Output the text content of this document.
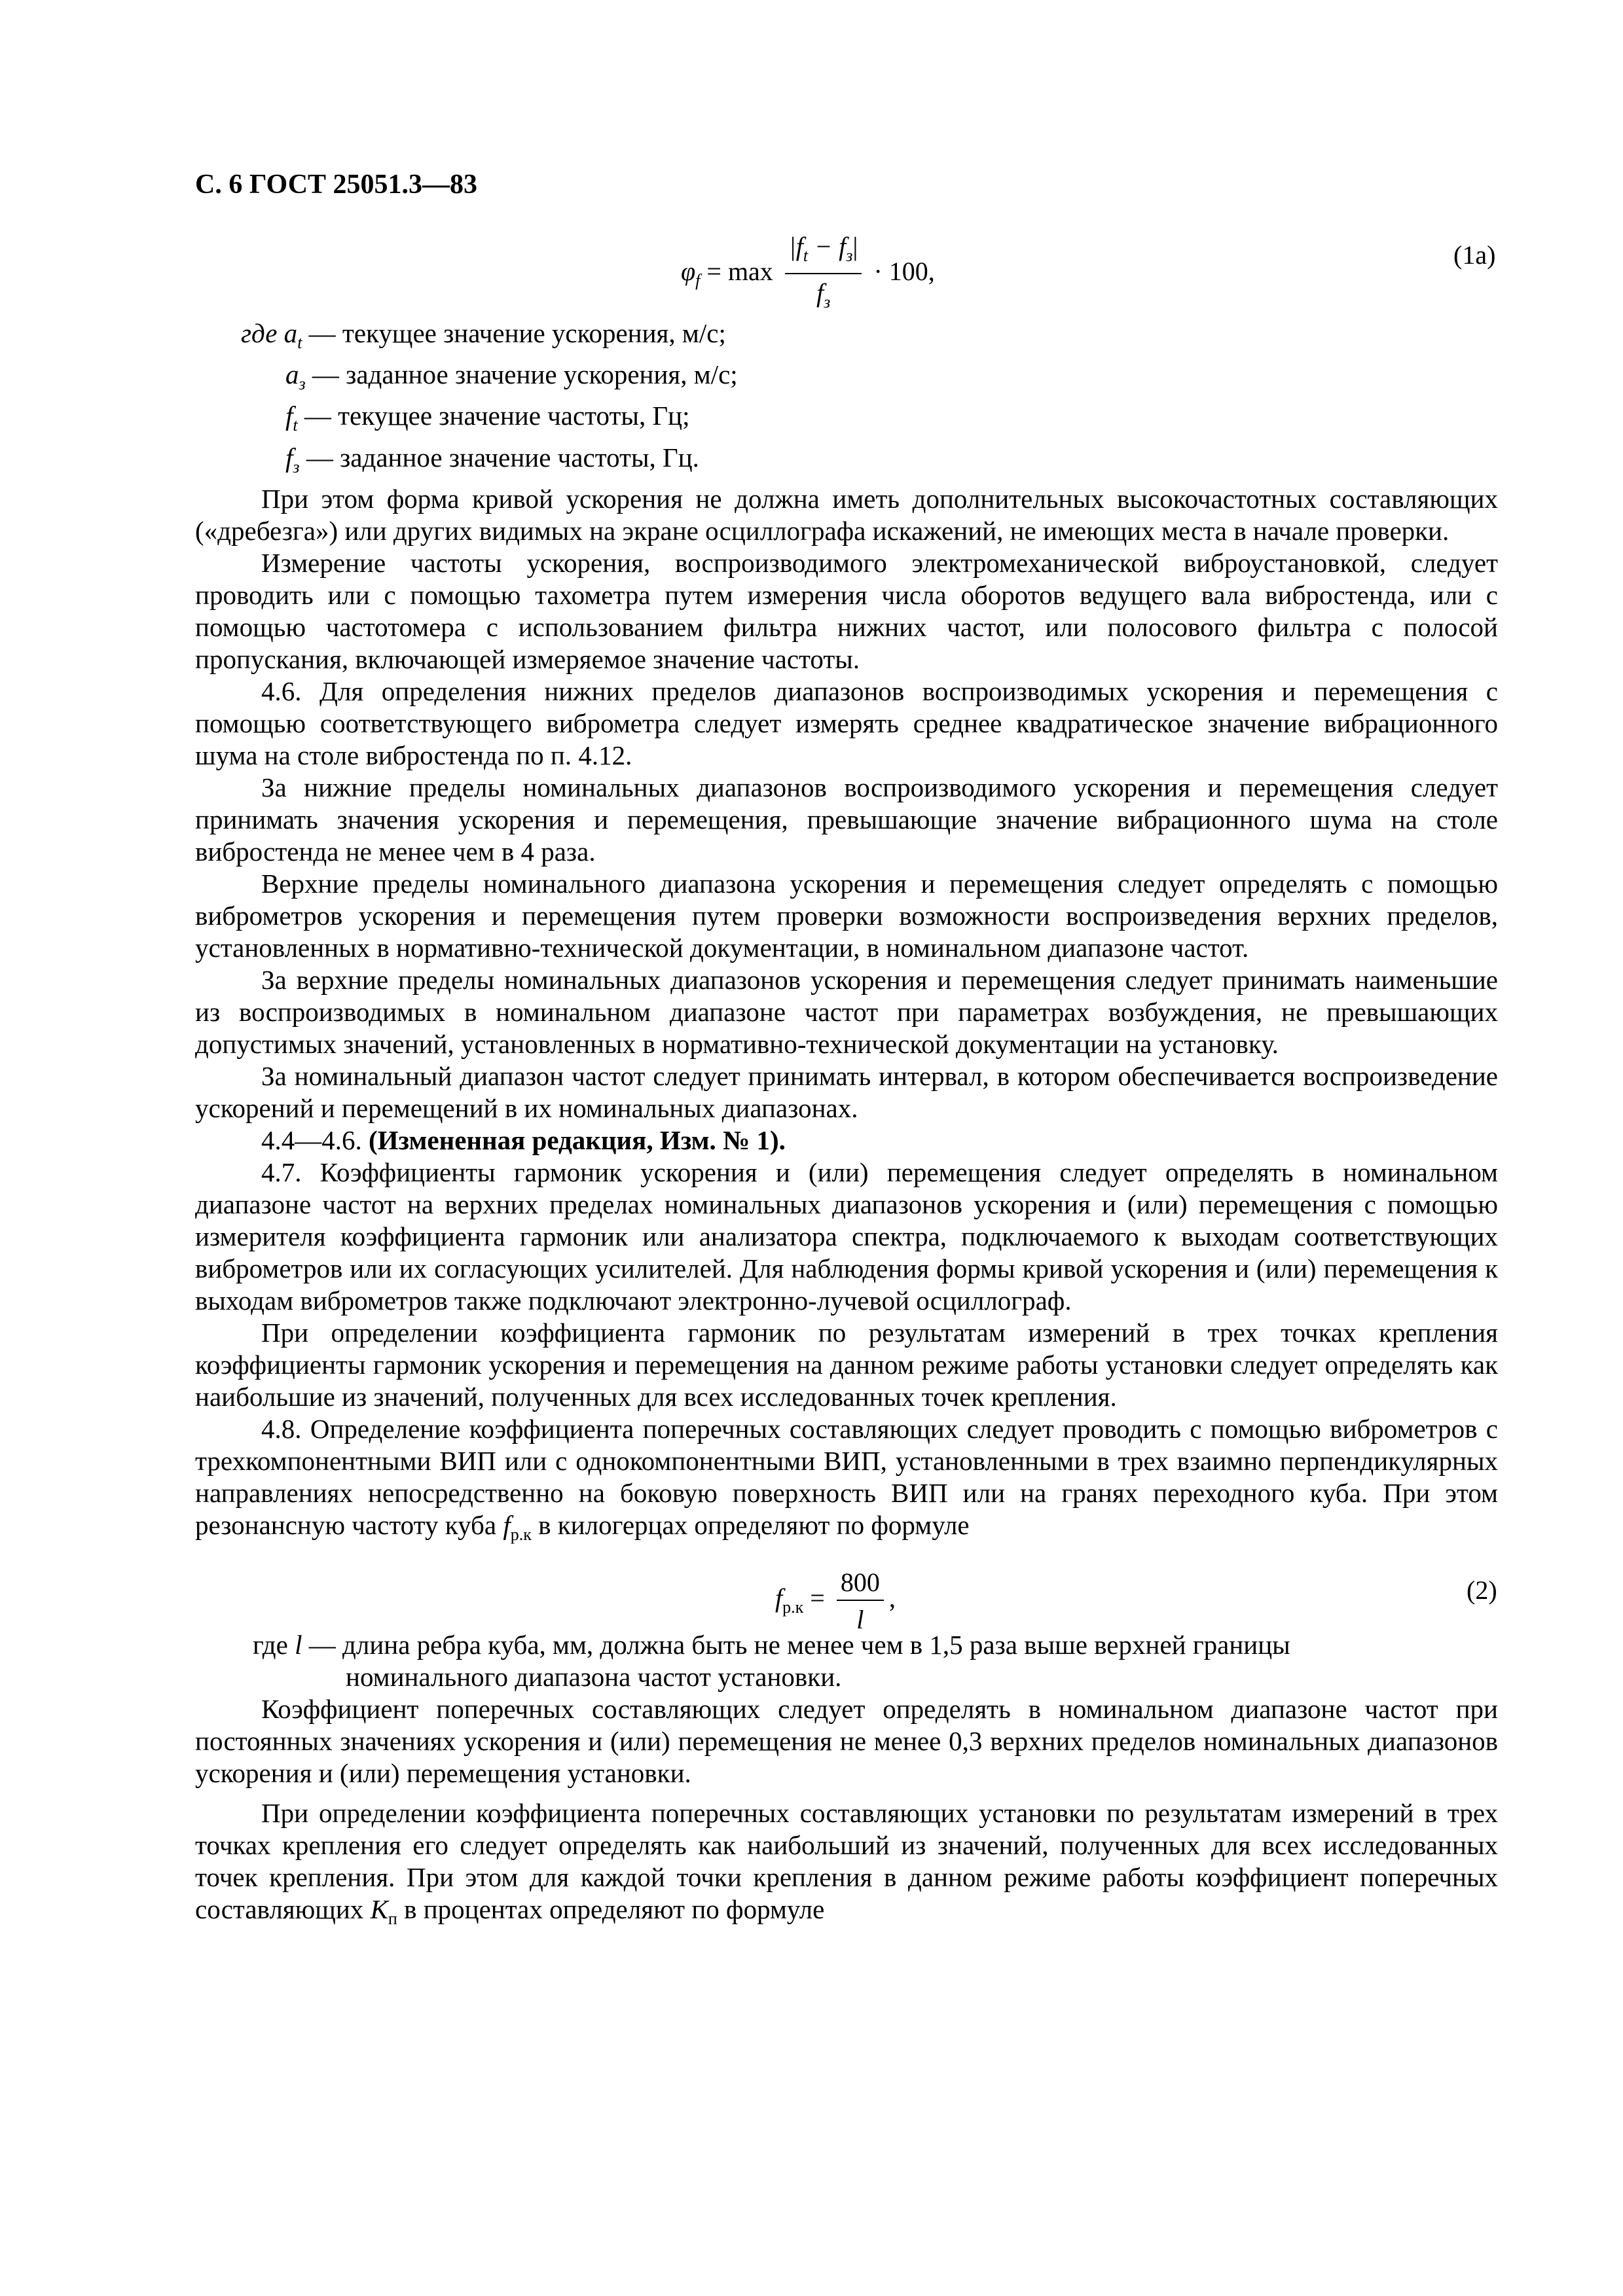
С. 6 ГОСТ 25051.3—83
$\varphi_f = \max \frac{|f_t - f_з|}{f_з} \cdot 100$,
(1а)

где $a_t$ — текущее значение ускорения, м/с;

$a_з$ — заданное значение ускорения, м/с;

$f_t$ — текущее значение частоты, Гц;

$f_з$ — заданное значение частоты, Гц.

При этом форма кривой ускорения не должна иметь дополнительных высокочастотных составляющих («дребезга») или других видимых на экране осциллографа искажений, не имеющих места в начале проверки.

Измерение частоты ускорения, воспроизводимого электромеханической виброустановкой, следует проводить или с помощью тахометра путем измерения числа оборотов ведущего вала вибростенда, или с помощью частотомера с использованием фильтра нижних частот, или полосового фильтра с полосой пропускания, включающей измеряемое значение частоты.

4.6. Для определения нижних пределов диапазонов воспроизводимых ускорения и перемещения с помощью соответствующего виброметра следует измерять среднее квадратическое значение вибрационного шума на столе вибростенда по п. 4.12.

За нижние пределы номинальных диапазонов воспроизводимого ускорения и перемещения следует принимать значения ускорения и перемещения, превышающие значение вибрационного шума на столе вибростенда не менее чем в 4 раза.

Верхние пределы номинального диапазона ускорения и перемещения следует определять с помощью виброметров ускорения и перемещения путем проверки возможности воспроизведения верхних пределов, установленных в нормативно-технической документации, в номинальном диапазоне частот.

За верхние пределы номинальных диапазонов ускорения и перемещения следует принимать наименьшие из воспроизводимых в номинальном диапазоне частот при параметрах возбуждения, не превышающих допустимых значений, установленных в нормативно-технической документации на установку.

За номинальный диапазон частот следует принимать интервал, в котором обеспечивается воспроизведение ускорений и перемещений в их номинальных диапазонах.

4.4—4.6. (Измененная редакция, Изм. № 1).

4.7. Коэффициенты гармоник ускорения и (или) перемещения следует определять в номинальном диапазоне частот на верхних пределах номинальных диапазонов ускорения и (или) перемещения с помощью измерителя коэффициента гармоник или анализатора спектра, подключаемого к выходам соответствующих виброметров или их согласующих усилителей. Для наблюдения формы кривой ускорения и (или) перемещения к выходам виброметров также подключают электронно-лучевой осциллограф.

При определении коэффициента гармоник по результатам измерений в трех точках крепления коэффициенты гармоник ускорения и перемещения на данном режиме работы установки следует определять как наибольшие из значений, полученных для всех исследованных точек крепления.

4.8. Определение коэффициента поперечных составляющих следует проводить с помощью виброметров с трехкомпонентными ВИП или с однокомпонентными ВИП, установленными в трех взаимно перпендикулярных направлениях непосредственно на боковую поверхность ВИП или на гранях переходного куба. При этом резонансную частоту куба $f_{р.к}$ в килогерцах определяют по формуле

$f_{р.к} = \frac{800}{l}$ ,	(2)

где l — длина ребра куба, мм, должна быть не менее чем в 1,5 раза выше верхней границы

номинального диапазона частот установки.

Коэффициент поперечных составляющих следует определять в номинальном диапазоне частот при постоянных значениях ускорения и (или) перемещения не менее 0,3 верхних пределов номинальных диапазонов ускорения и (или) перемещения установки.

При определении коэффициента поперечных составляющих установки по результатам измерений в трех точках крепления его следует определять как наибольший из значений, полученных для всех исследованных точек крепления. При этом для каждой точки крепления в данном режиме работы коэффициент поперечных составляющих $K_п$ в процентах определяют по формуле
